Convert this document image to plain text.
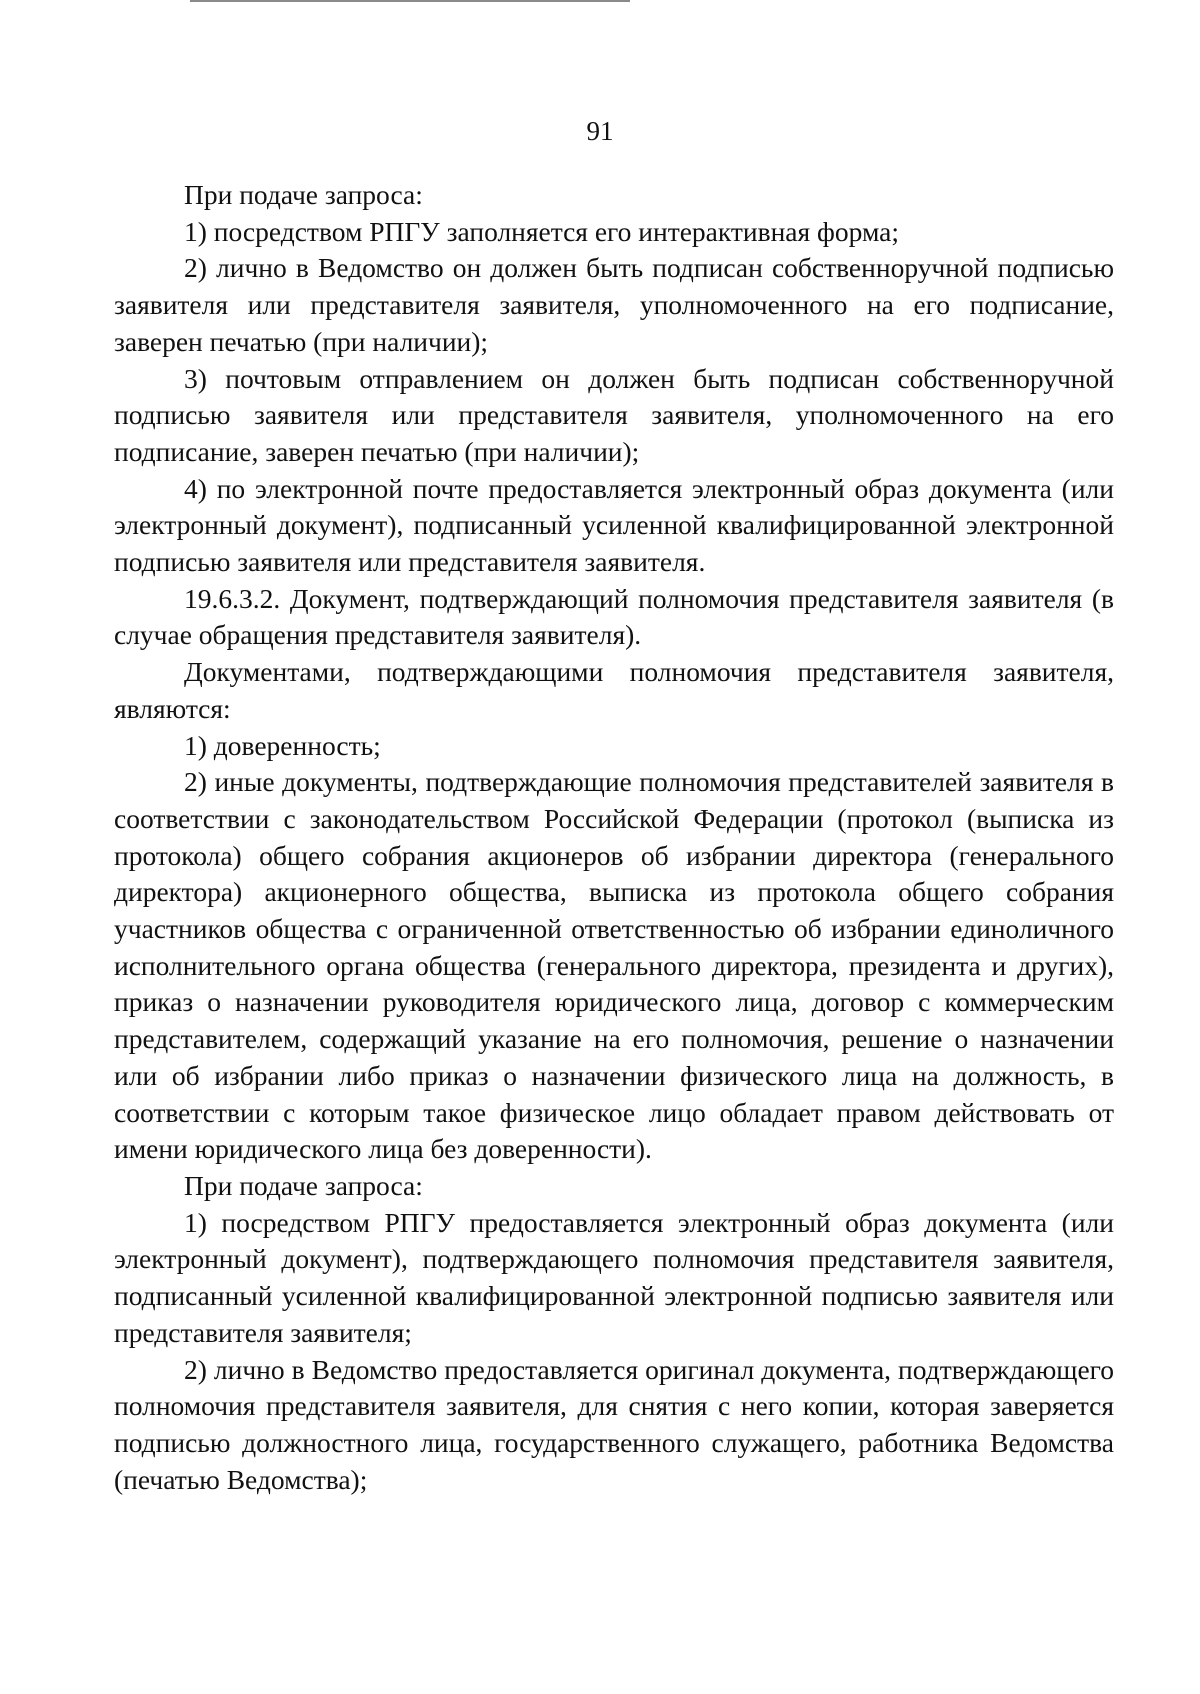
91

При подаче запроса:

1) посредством РПГУ заполняется его интерактивная форма;

2) лично в Ведомство он должен быть подписан собственноручной подписью заявителя или представителя заявителя, уполномоченного на его подписание, заверен печатью (при наличии);

3) почтовым отправлением он должен быть подписан собственноручной подписью заявителя или представителя заявителя, уполномоченного на его подписание, заверен печатью (при наличии);

4) по электронной почте предоставляется электронный образ документа (или электронный документ), подписанный усиленной квалифицированной электронной подписью заявителя или представителя заявителя.

19.6.3.2. Документ, подтверждающий полномочия представителя заявителя (в случае обращения представителя заявителя).

Документами, подтверждающими полномочия представителя заявителя, являются:

1) доверенность;

2) иные документы, подтверждающие полномочия представителей заявителя в соответствии с законодательством Российской Федерации (протокол (выписка из протокола) общего собрания акционеров об избрании директора (генерального директора) акционерного общества, выписка из протокола общего собрания участников общества с ограниченной ответственностью об избрании единоличного исполнительного органа общества (генерального директора, президента и других), приказ о назначении руководителя юридического лица, договор с коммерческим представителем, содержащий указание на его полномочия, решение о назначении или об избрании либо приказ о назначении физического лица на должность, в соответствии с которым такое физическое лицо обладает правом действовать от имени юридического лица без доверенности).

При подаче запроса:

1) посредством РПГУ предоставляется электронный образ документа (или электронный документ), подтверждающего полномочия представителя заявителя, подписанный усиленной квалифицированной электронной подписью заявителя или представителя заявителя;

2) лично в Ведомство предоставляется оригинал документа, подтверждающего полномочия представителя заявителя, для снятия с него копии, которая заверяется подписью должностного лица, государственного служащего, работника Ведомства (печатью Ведомства);
